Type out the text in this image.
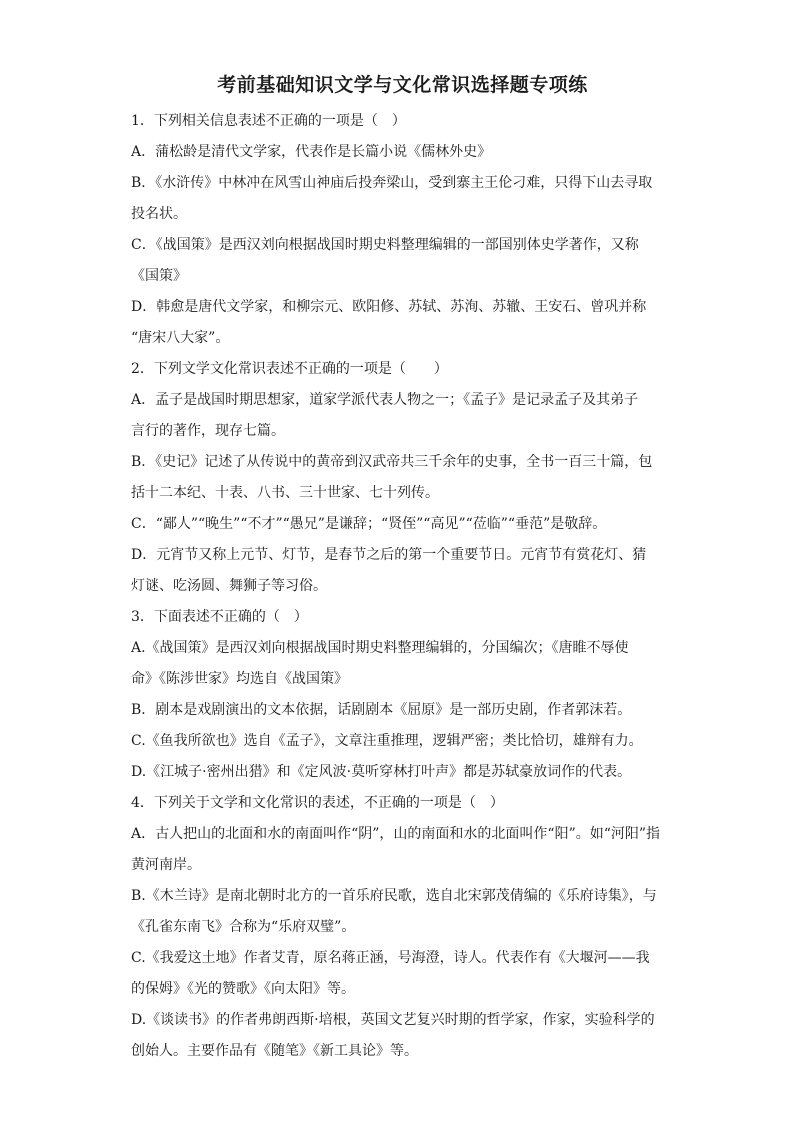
考前基础知识文学与文化常识选择题专项练
1．下列相关信息表述不正确的一项是（　）
A．蒲松龄是清代文学家，代表作是长篇小说《儒林外史》
B．《水浒传》中林冲在风雪山神庙后投奔梁山，受到寨主王伦刁难，只得下山去寻取
投名状。
C．《战国策》是西汉刘向根据战国时期史料整理编辑的一部国别体史学著作，又称
《国策》
D．韩愈是唐代文学家，和柳宗元、欧阳修、苏轼、苏洵、苏辙、王安石、曾巩并称
“唐宋八大家”。
2．下列文学文化常识表述不正确的一项是（　　）
A．孟子是战国时期思想家，道家学派代表人物之一；《孟子》是记录孟子及其弟子
言行的著作，现存七篇。
B．《史记》记述了从传说中的黄帝到汉武帝共三千余年的史事，全书一百三十篇，包
括十二本纪、十表、八书、三十世家、七十列传。
C．“鄙人”“晚生”“不才”“愚兄”是谦辞；“贤侄”“高见”“莅临”“垂范”是敬辞。
D．元宵节又称上元节、灯节，是春节之后的第一个重要节日。元宵节有赏花灯、猜
灯谜、吃汤圆、舞狮子等习俗。
3．下面表述不正确的（　）
A.《战国策》是西汉刘向根据战国时期史料整理编辑的，分国编次；《唐睢不辱使
命》《陈涉世家》均选自《战国策》
B．剧本是戏剧演出的文本依据，话剧剧本《屈原》是一部历史剧，作者郭沫若。
C.《鱼我所欲也》选自《孟子》，文章注重推理，逻辑严密；类比恰切，雄辩有力。
D.《江城子·密州出猎》和《定风波·莫听穿林打叶声》都是苏轼豪放词作的代表。
4．下列关于文学和文化常识的表述，不正确的一项是（　）
A．古人把山的北面和水的南面叫作“阴”，山的南面和水的北面叫作“阳”。如“河阳”指
黄河南岸。
B.《木兰诗》是南北朝时北方的一首乐府民歌，选自北宋郭茂倩编的《乐府诗集》，与
《孔雀东南飞》合称为“乐府双璧”。
C.《我爱这土地》作者艾青，原名蒋正涵，号海澄，诗人。代表作有《大堰河——我
的保姆》《光的赞歌》《向太阳》等。
D.《谈读书》的作者弗朗西斯·培根，英国文艺复兴时期的哲学家，作家，实验科学的
创始人。主要作品有《随笔》《新工具论》等。
